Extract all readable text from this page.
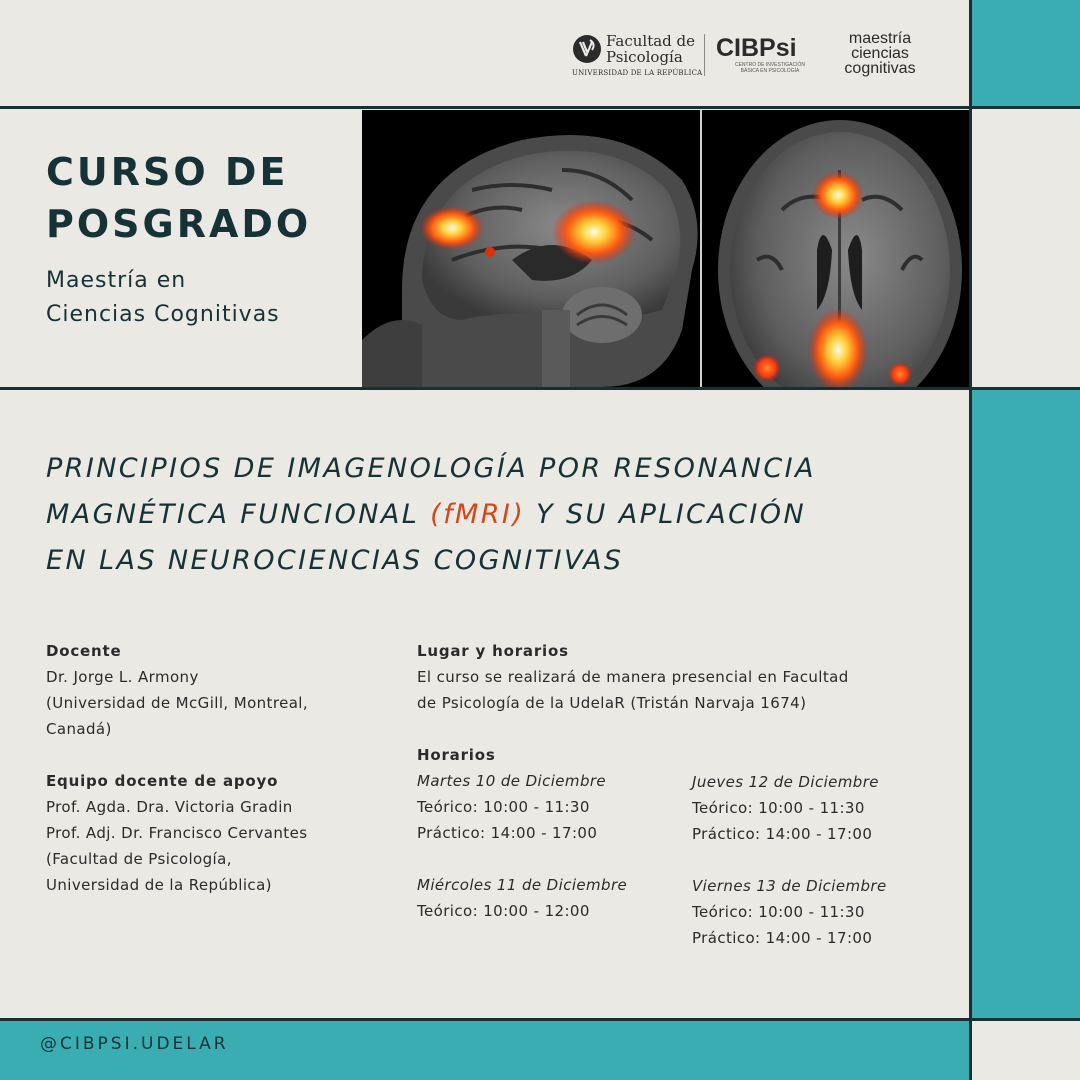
Facultad de
Psicología
UNIVERSIDAD DE LA REPÚBLICA
CIBPsi
CENTRO DE INVESTIGACIÓN
BÁSICA EN PSICOLOGÍA
maestría
ciencias
cognitivas
CURSO DE
POSGRADO
Maestría en
Ciencias Cognitivas
PRINCIPIOS DE IMAGENOLOGÍA POR RESONANCIA
MAGNÉTICA FUNCIONAL (fMRI) Y SU APLICACIÓN
EN LAS NEUROCIENCIAS COGNITIVAS
Docente
Dr. Jorge L. Armony
(Universidad de McGill, Montreal,
Canadá)
Equipo docente de apoyo
Prof. Agda. Dra. Victoria Gradin
Prof. Adj. Dr. Francisco Cervantes
(Facultad de Psicología,
Universidad de la República)
Lugar y horarios
El curso se realizará de manera presencial en Facultad
de Psicología de la UdelaR (Tristán Narvaja 1674)
Horarios
Martes 10 de Diciembre
Teórico: 10:00 - 11:30
Práctico: 14:00 - 17:00
Miércoles 11 de Diciembre
Teórico: 10:00 - 12:00
Jueves 12 de Diciembre
Teórico: 10:00 - 11:30
Práctico: 14:00 - 17:00
Viernes 13 de Diciembre
Teórico: 10:00 - 11:30
Práctico: 14:00 - 17:00
@CIBPSI.UDELAR
